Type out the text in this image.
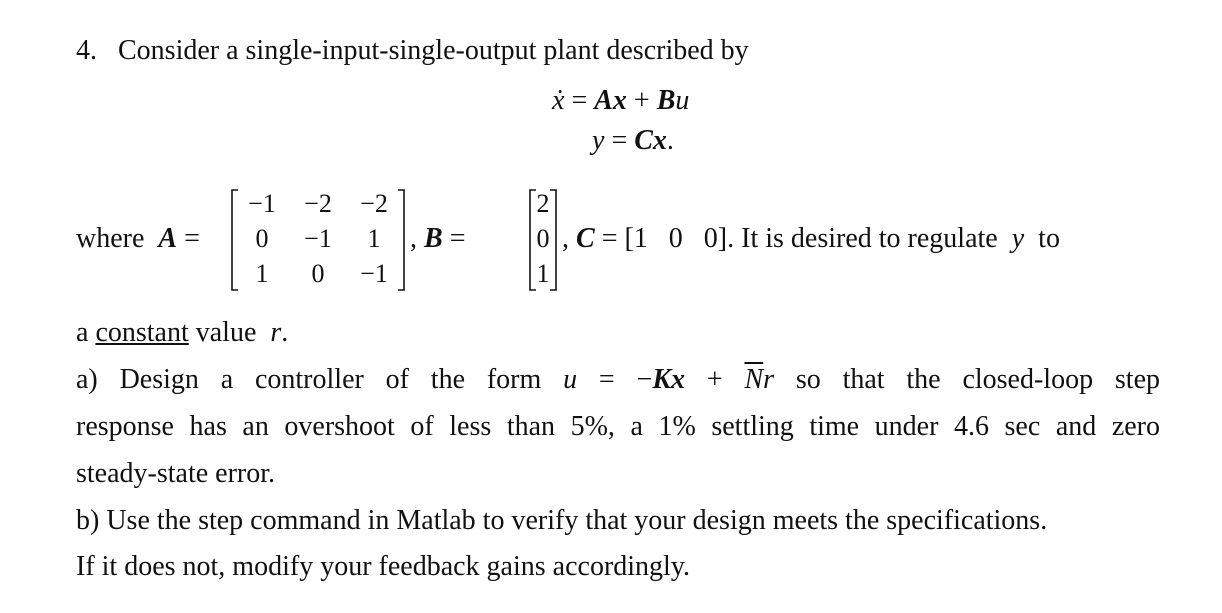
4. Consider a single-input-single-output plant described by
ẋ = Ax + Bu
y = Cx.
where A =
−1	−2	−2
0	−1	1
1	0	−1
, B =
2
0
1
, C = [1   0   0]. It is desired to regulate y to
a constant value r.
a) Design a controller of the form $u = -Kx + \overline{N}r$ so that the closed-loop step
response has an overshoot of less than 5%, a 1% settling time under 4.6 sec and zero
steady-state error.
b) Use the step command in Matlab to verify that your design meets the specifications.
If it does not, modify your feedback gains accordingly.
